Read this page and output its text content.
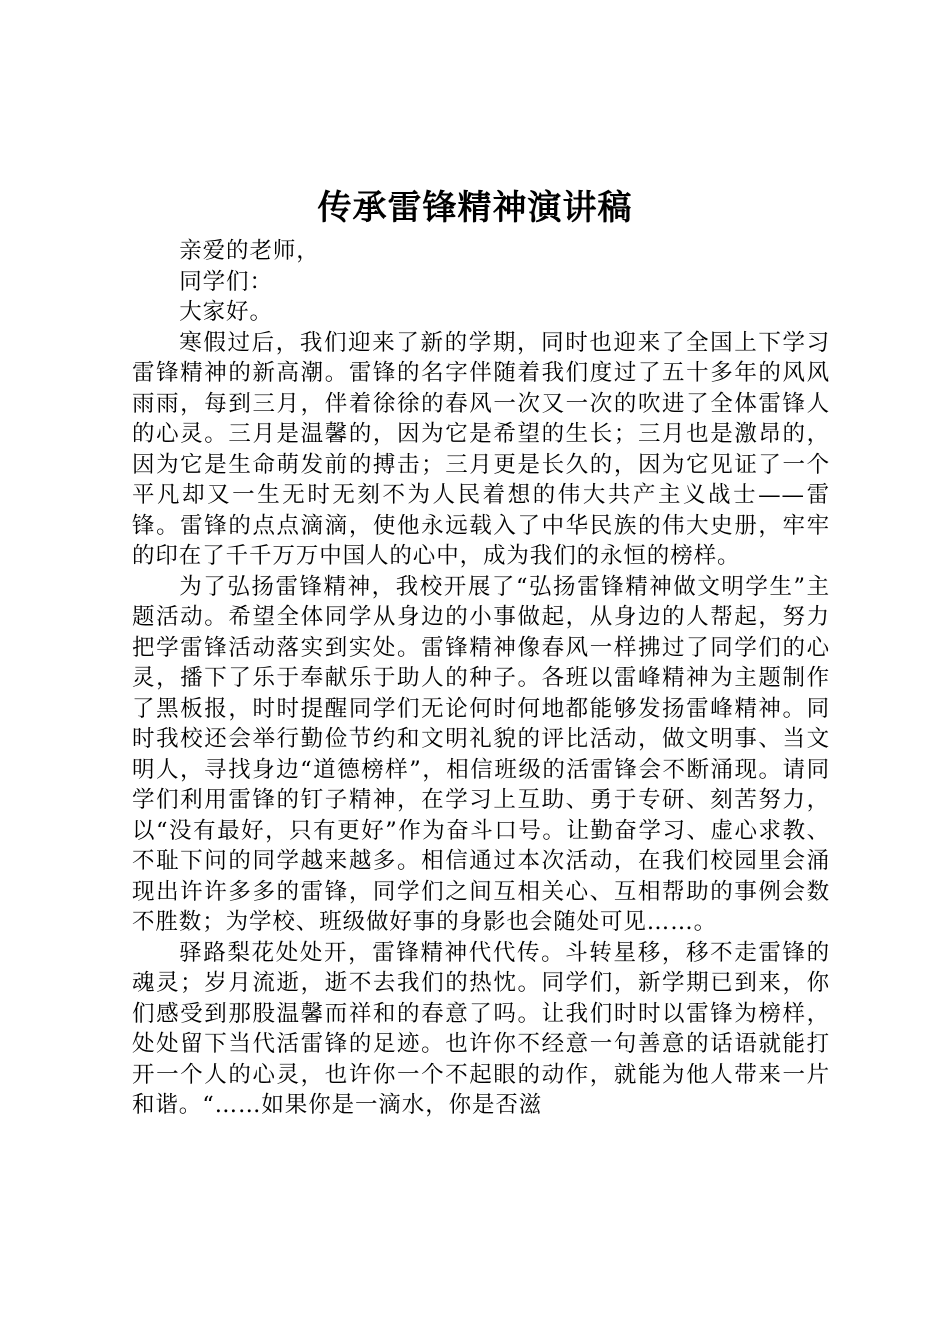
传承雷锋精神演讲稿

亲爱的老师，

同学们：

大家好。

寒假过后，我们迎来了新的学期，同时也迎来了全国上下学习雷锋精神的新高潮。雷锋的名字伴随着我们度过了五十多年的风风雨雨，每到三月，伴着徐徐的春风一次又一次的吹进了全体雷锋人的心灵。三月是温馨的，因为它是希望的生长；三月也是激昂的，因为它是生命萌发前的搏击；三月更是长久的，因为它见证了一个平凡却又一生无时无刻不为人民着想的伟大共产主义战士——雷锋。雷锋的点点滴滴，使他永远载入了中华民族的伟大史册，牢牢的印在了千千万万中国人的心中，成为我们的永恒的榜样。

为了弘扬雷锋精神，我校开展了“弘扬雷锋精神做文明学生”主题活动。希望全体同学从身边的小事做起，从身边的人帮起，努力把学雷锋活动落实到实处。雷锋精神像春风一样拂过了同学们的心灵，播下了乐于奉献乐于助人的种子。各班以雷峰精神为主题制作了黑板报，时时提醒同学们无论何时何地都能够发扬雷峰精神。同时我校还会举行勤俭节约和文明礼貌的评比活动，做文明事、当文明人，寻找身边“道德榜样”，相信班级的活雷锋会不断涌现。请同学们利用雷锋的钉子精神，在学习上互助、勇于专研、刻苦努力，以“没有最好，只有更好”作为奋斗口号。让勤奋学习、虚心求教、不耻下问的同学越来越多。相信通过本次活动，在我们校园里会涌现出许许多多的雷锋，同学们之间互相关心、互相帮助的事例会数不胜数；为学校、班级做好事的身影也会随处可见……。

驿路梨花处处开，雷锋精神代代传。斗转星移，移不走雷锋的魂灵；岁月流逝，逝不去我们的热忱。同学们，新学期已到来，你们感受到那股温馨而祥和的春意了吗。让我们时时以雷锋为榜样，处处留下当代活雷锋的足迹。也许你不经意一句善意的话语就能打开一个人的心灵，也许你一个不起眼的动作，就能为他人带来一片和谐。“……如果你是一滴水，你是否滋
